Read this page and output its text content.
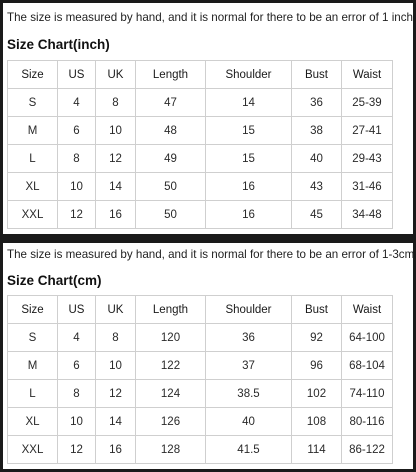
The size is measured by hand, and it is normal for there to be an error of 1 inch
Size Chart(inch)
Size	US	UK	Length	Shoulder	Bust	Waist
S	4	8	47	14	36	25-39
M	6	10	48	15	38	27-41
L	8	12	49	15	40	29-43
XL	10	14	50	16	43	31-46
XXL	12	16	50	16	45	34-48
The size is measured by hand, and it is normal for there to be an error of 1-3cm
Size Chart(cm)
Size	US	UK	Length	Shoulder	Bust	Waist
S	4	8	120	36	92	64-100
M	6	10	122	37	96	68-104
L	8	12	124	38.5	102	74-110
XL	10	14	126	40	108	80-116
XXL	12	16	128	41.5	114	86-122
